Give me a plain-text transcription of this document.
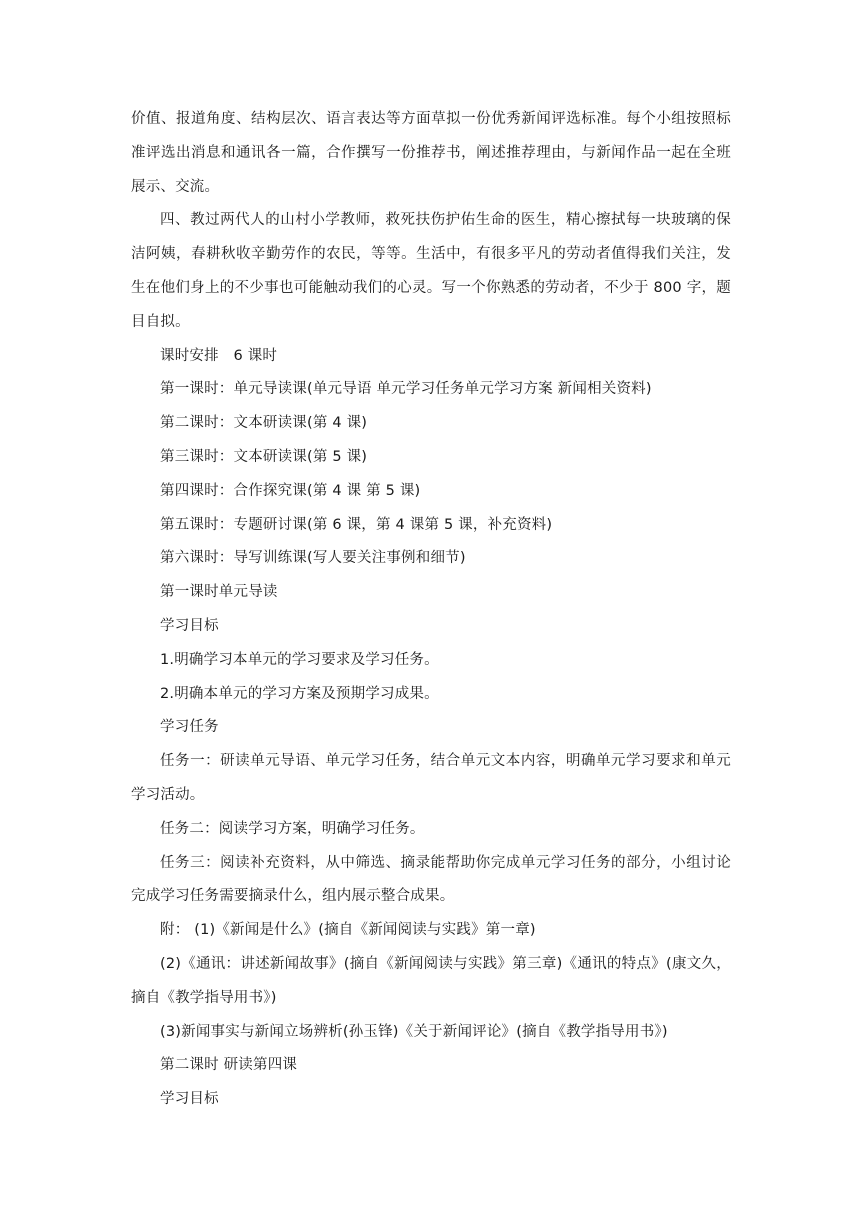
价值、报道角度、结构层次、语言表达等方面草拟一份优秀新闻评选标准。每个小组按照标准评选出消息和通讯各一篇，合作撰写一份推荐书，阐述推荐理由，与新闻作品一起在全班展示、交流。

四、教过两代人的山村小学教师，救死扶伤护佑生命的医生，精心擦拭每一块玻璃的保洁阿姨，春耕秋收辛勤劳作的农民，等等。生活中，有很多平凡的劳动者值得我们关注，发生在他们身上的不少事也可能触动我们的心灵。写一个你熟悉的劳动者，不少于 800 字，题目自拟。

课时安排　6 课时

第一课时：单元导读课(单元导语 单元学习任务单元学习方案 新闻相关资料)

第二课时：文本研读课(第 4 课)

第三课时：文本研读课(第 5 课)

第四课时：合作探究课(第 4 课 第 5 课)

第五课时：专题研讨课(第 6 课，第 4 课第 5 课，补充资料)

第六课时：导写训练课(写人要关注事例和细节)

第一课时单元导读

学习目标

1.明确学习本单元的学习要求及学习任务。

2.明确本单元的学习方案及预期学习成果。

学习任务

任务一：研读单元导语、单元学习任务，结合单元文本内容，明确单元学习要求和单元学习活动。

任务二：阅读学习方案，明确学习任务。

任务三：阅读补充资料，从中筛选、摘录能帮助你完成单元学习任务的部分，小组讨论完成学习任务需要摘录什么，组内展示整合成果。

附： (1)《新闻是什么》(摘自《新闻阅读与实践》第一章)

(2)《通讯：讲述新闻故事》(摘自《新闻阅读与实践》第三章)《通讯的特点》(康文久，摘自《教学指导用书》)

(3)新闻事实与新闻立场辨析(孙玉锋)《关于新闻评论》(摘自《教学指导用书》)

第二课时 研读第四课

学习目标
